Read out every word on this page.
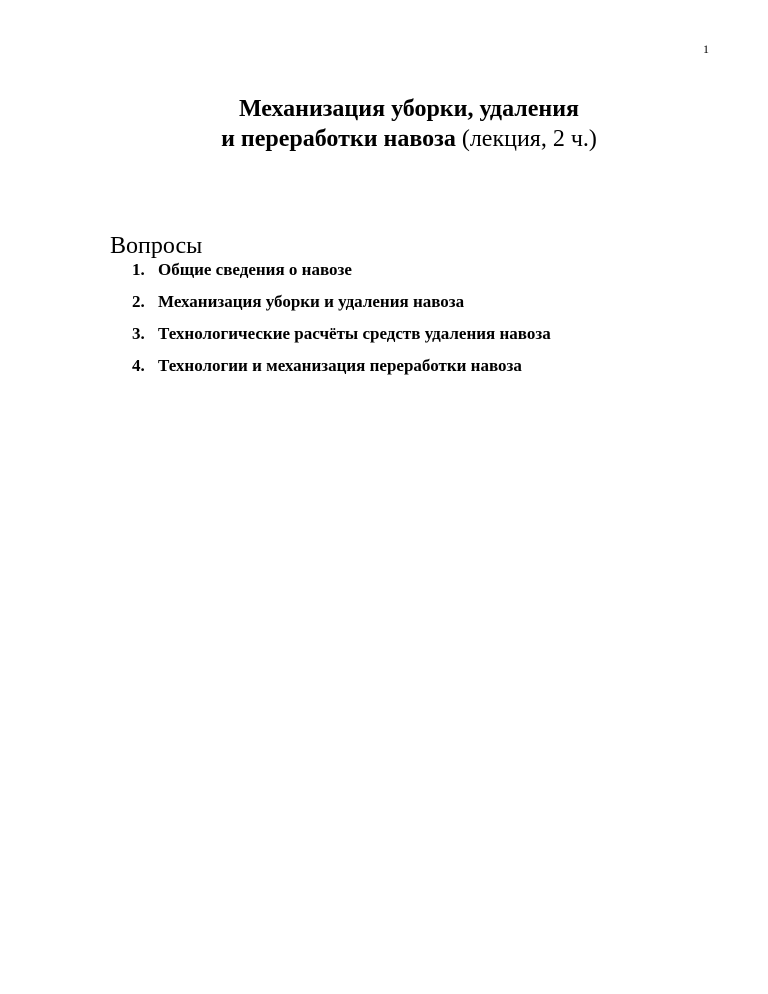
1
Механизация уборки, удаления
и переработки навоза (лекция, 2 ч.)
Вопросы
1. Общие сведения о навозе
2. Механизация уборки и удаления навоза
3. Технологические расчёты средств удаления навоза
4. Технологии и механизация переработки навоза
